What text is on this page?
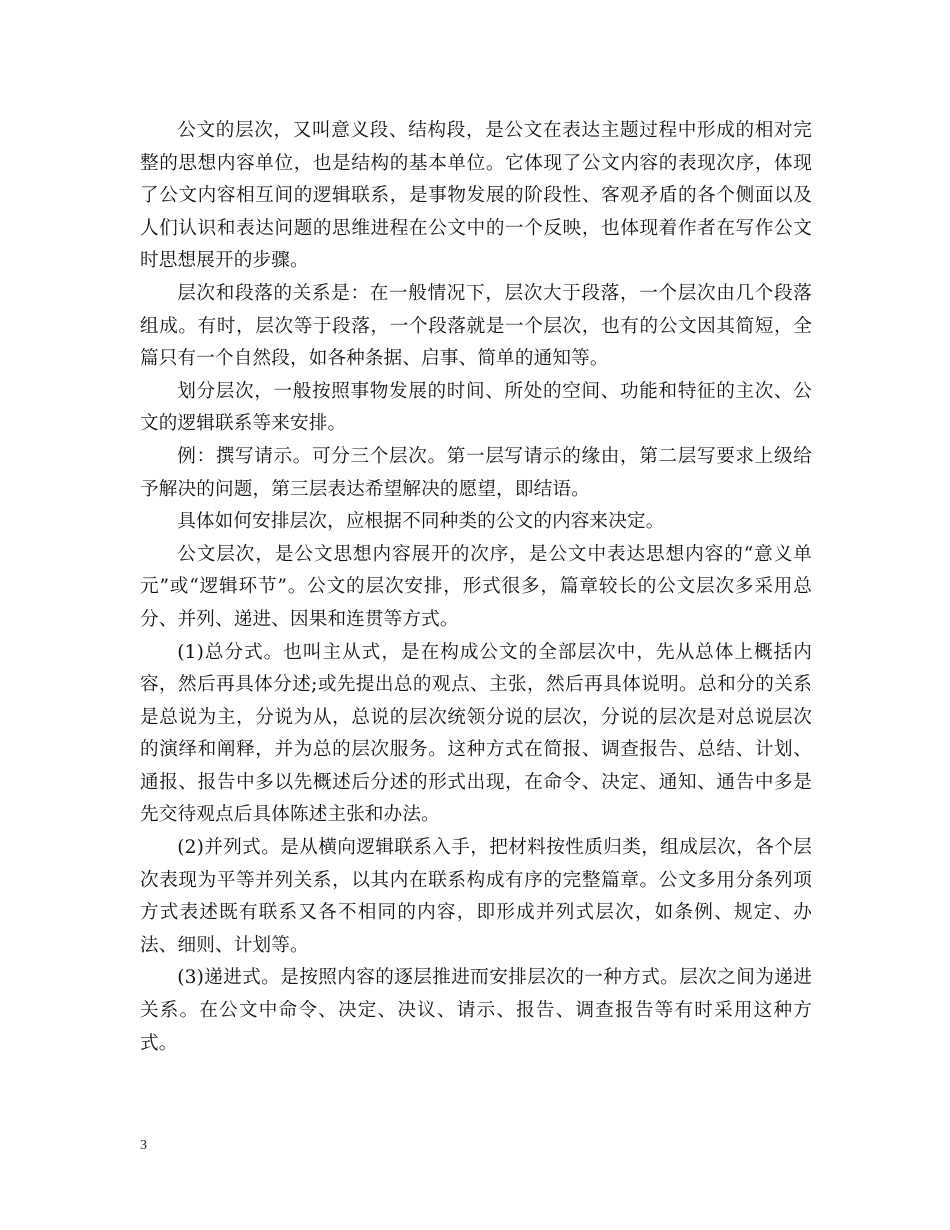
公文的层次，又叫意义段、结构段，是公文在表达主题过程中形成的相对完整的思想内容单位，也是结构的基本单位。它体现了公文内容的表现次序，体现了公文内容相互间的逻辑联系，是事物发展的阶段性、客观矛盾的各个侧面以及人们认识和表达问题的思维进程在公文中的一个反映，也体现着作者在写作公文时思想展开的步骤。

层次和段落的关系是：在一般情况下，层次大于段落，一个层次由几个段落组成。有时，层次等于段落，一个段落就是一个层次，也有的公文因其简短，全篇只有一个自然段，如各种条据、启事、简单的通知等。

划分层次，一般按照事物发展的时间、所处的空间、功能和特征的主次、公文的逻辑联系等来安排。

例：撰写请示。可分三个层次。第一层写请示的缘由，第二层写要求上级给予解决的问题，第三层表达希望解决的愿望，即结语。

具体如何安排层次，应根据不同种类的公文的内容来决定。

公文层次，是公文思想内容展开的次序，是公文中表达思想内容的“意义单元”或“逻辑环节”。公文的层次安排，形式很多，篇章较长的公文层次多采用总分、并列、递进、因果和连贯等方式。

(1)总分式。也叫主从式，是在构成公文的全部层次中，先从总体上概括内容，然后再具体分述;或先提出总的观点、主张，然后再具体说明。总和分的关系是总说为主，分说为从，总说的层次统领分说的层次，分说的层次是对总说层次的演绎和阐释，并为总的层次服务。这种方式在简报、调查报告、总结、计划、通报、报告中多以先概述后分述的形式出现，在命令、决定、通知、通告中多是先交待观点后具体陈述主张和办法。

(2)并列式。是从横向逻辑联系入手，把材料按性质归类，组成层次，各个层次表现为平等并列关系，以其内在联系构成有序的完整篇章。公文多用分条列项方式表述既有联系又各不相同的内容，即形成并列式层次，如条例、规定、办法、细则、计划等。

(3)递进式。是按照内容的逐层推进而安排层次的一种方式。层次之间为递进关系。在公文中命令、决定、决议、请示、报告、调查报告等有时采用这种方式。

3
